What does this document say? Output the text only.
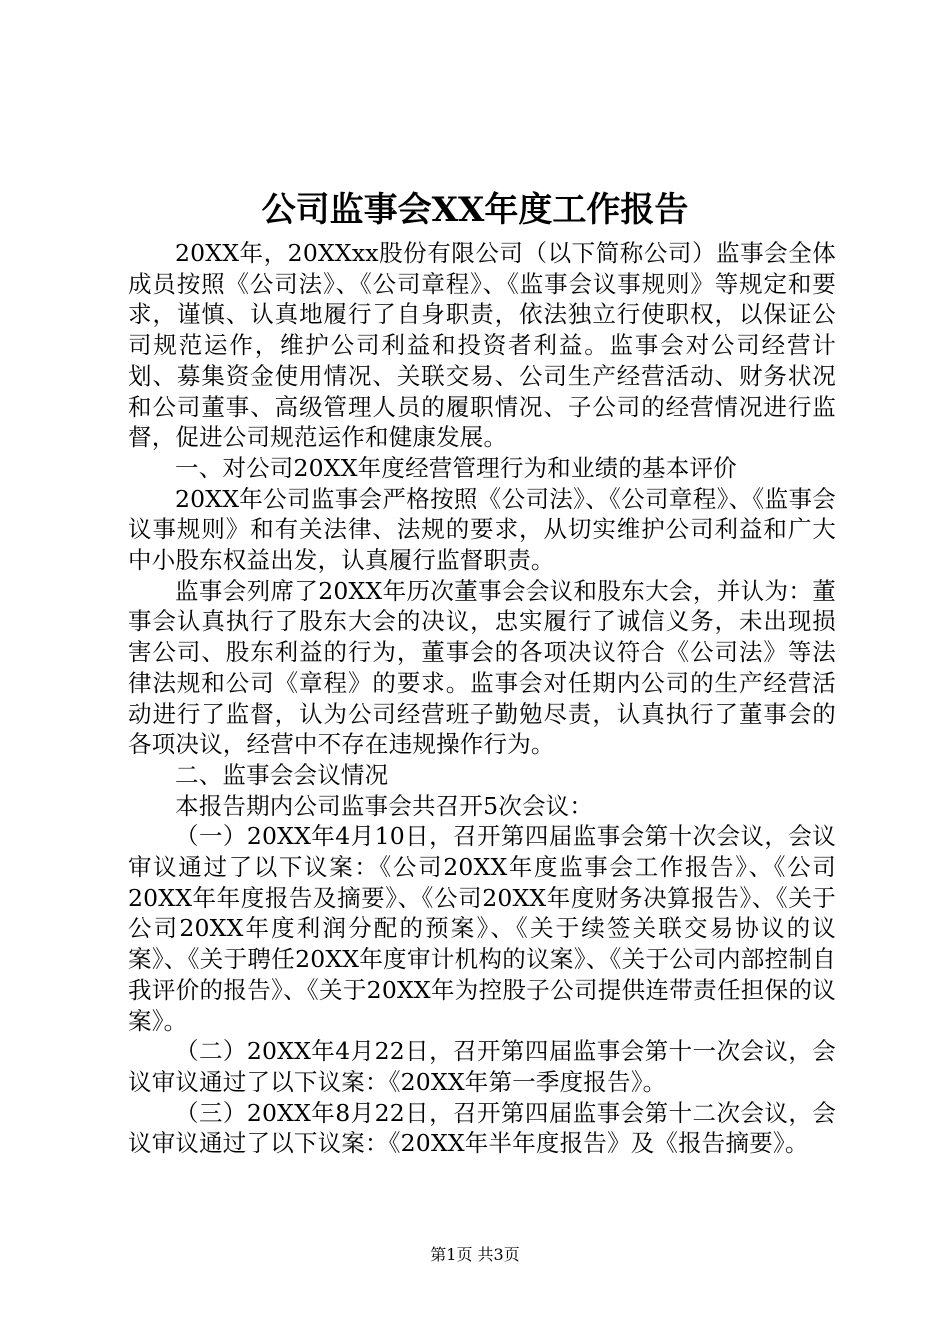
公司监事会XX年度工作报告

20XX年，20XXxx股份有限公司（以下简称公司）监事会全体成员按照《公司法》、《公司章程》、《监事会议事规则》等规定和要求，谨慎、认真地履行了自身职责，依法独立行使职权，以保证公司规范运作，维护公司利益和投资者利益。监事会对公司经营计划、募集资金使用情况、关联交易、公司生产经营活动、财务状况和公司董事、高级管理人员的履职情况、子公司的经营情况进行监督，促进公司规范运作和健康发展。

一、对公司20XX年度经营管理行为和业绩的基本评价

20XX年公司监事会严格按照《公司法》、《公司章程》、《监事会议事规则》和有关法律、法规的要求，从切实维护公司利益和广大中小股东权益出发，认真履行监督职责。

监事会列席了20XX年历次董事会会议和股东大会，并认为：董事会认真执行了股东大会的决议，忠实履行了诚信义务，未出现损害公司、股东利益的行为，董事会的各项决议符合《公司法》等法律法规和公司《章程》的要求。监事会对任期内公司的生产经营活动进行了监督，认为公司经营班子勤勉尽责，认真执行了董事会的各项决议，经营中不存在违规操作行为。

二、监事会会议情况

本报告期内公司监事会共召开5次会议：

（一）20XX年4月10日，召开第四届监事会第十次会议，会议审议通过了以下议案：《公司20XX年度监事会工作报告》、《公司20XX年年度报告及摘要》、《公司20XX年度财务决算报告》、《关于公司20XX年度利润分配的预案》、《关于续签关联交易协议的议案》、《关于聘任20XX年度审计机构的议案》、《关于公司内部控制自我评价的报告》、《关于20XX年为控股子公司提供连带责任担保的议案》。

（二）20XX年4月22日，召开第四届监事会第十一次会议，会议审议通过了以下议案：《20XX年第一季度报告》。

（三）20XX年8月22日，召开第四届监事会第十二次会议，会议审议通过了以下议案：《20XX年半年度报告》及《报告摘要》。

第1页 共3页
